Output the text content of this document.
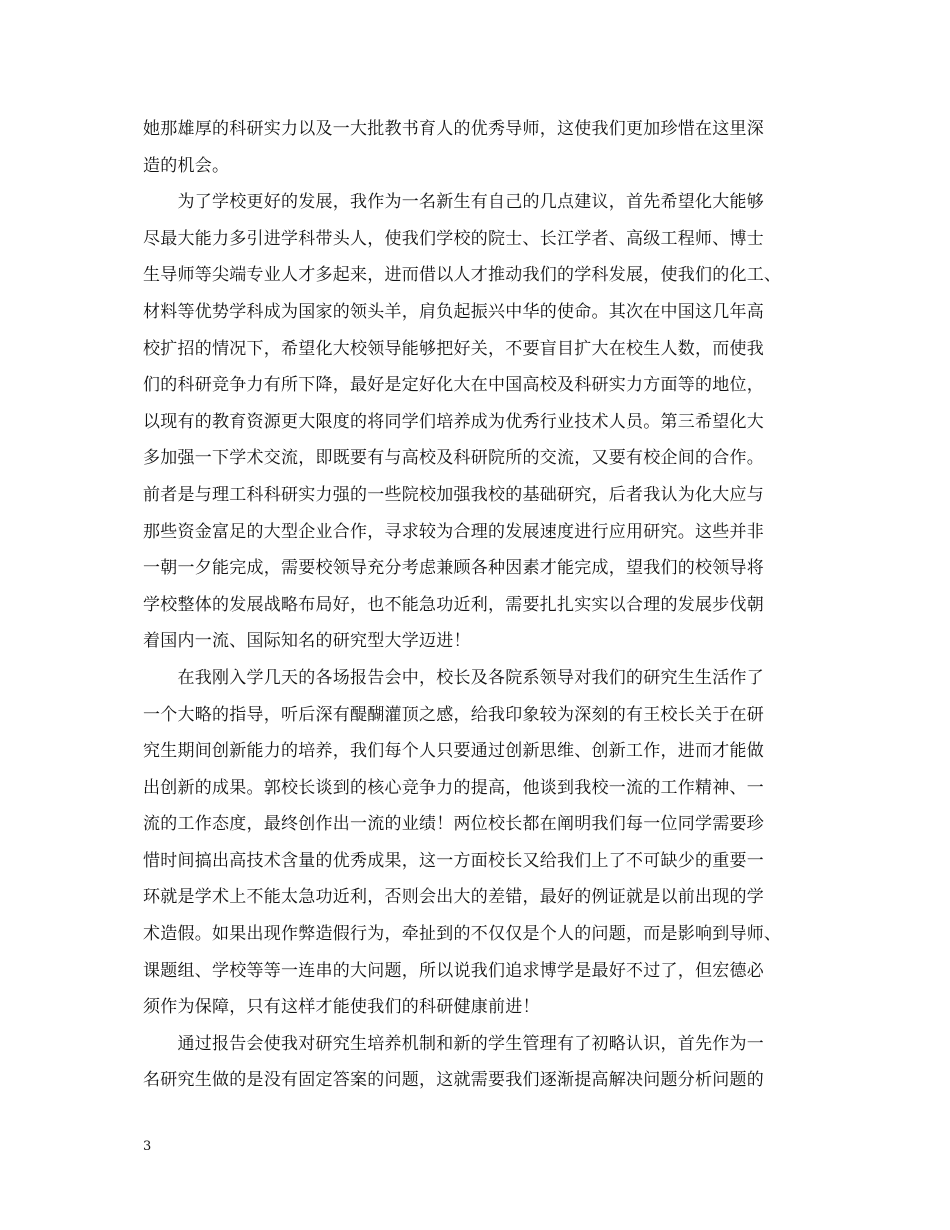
她那雄厚的科研实力以及一大批教书育人的优秀导师，这使我们更加珍惜在这里深
造的机会。
　　为了学校更好的发展，我作为一名新生有自己的几点建议，首先希望化大能够
尽最大能力多引进学科带头人，使我们学校的院士、长江学者、高级工程师、博士
生导师等尖端专业人才多起来，进而借以人才推动我们的学科发展，使我们的化工、
材料等优势学科成为国家的领头羊，肩负起振兴中华的使命。其次在中国这几年高
校扩招的情况下，希望化大校领导能够把好关，不要盲目扩大在校生人数，而使我
们的科研竞争力有所下降，最好是定好化大在中国高校及科研实力方面等的地位，
以现有的教育资源更大限度的将同学们培养成为优秀行业技术人员。第三希望化大
多加强一下学术交流，即既要有与高校及科研院所的交流，又要有校企间的合作。
前者是与理工科科研实力强的一些院校加强我校的基础研究，后者我认为化大应与
那些资金富足的大型企业合作，寻求较为合理的发展速度进行应用研究。这些并非
一朝一夕能完成，需要校领导充分考虑兼顾各种因素才能完成，望我们的校领导将
学校整体的发展战略布局好，也不能急功近利，需要扎扎实实以合理的发展步伐朝
着国内一流、国际知名的研究型大学迈进！
　　在我刚入学几天的各场报告会中，校长及各院系领导对我们的研究生生活作了
一个大略的指导，听后深有醍醐灌顶之感，给我印象较为深刻的有王校长关于在研
究生期间创新能力的培养，我们每个人只要通过创新思维、创新工作，进而才能做
出创新的成果。郭校长谈到的核心竞争力的提高，他谈到我校一流的工作精神、一
流的工作态度，最终创作出一流的业绩！两位校长都在阐明我们每一位同学需要珍
惜时间搞出高技术含量的优秀成果，这一方面校长又给我们上了不可缺少的重要一
环就是学术上不能太急功近利，否则会出大的差错，最好的例证就是以前出现的学
术造假。如果出现作弊造假行为，牵扯到的不仅仅是个人的问题，而是影响到导师、
课题组、学校等等一连串的大问题，所以说我们追求博学是最好不过了，但宏德必
须作为保障，只有这样才能使我们的科研健康前进！
　　通过报告会使我对研究生培养机制和新的学生管理有了初略认识，首先作为一
名研究生做的是没有固定答案的问题，这就需要我们逐渐提高解决问题分析问题的
3
